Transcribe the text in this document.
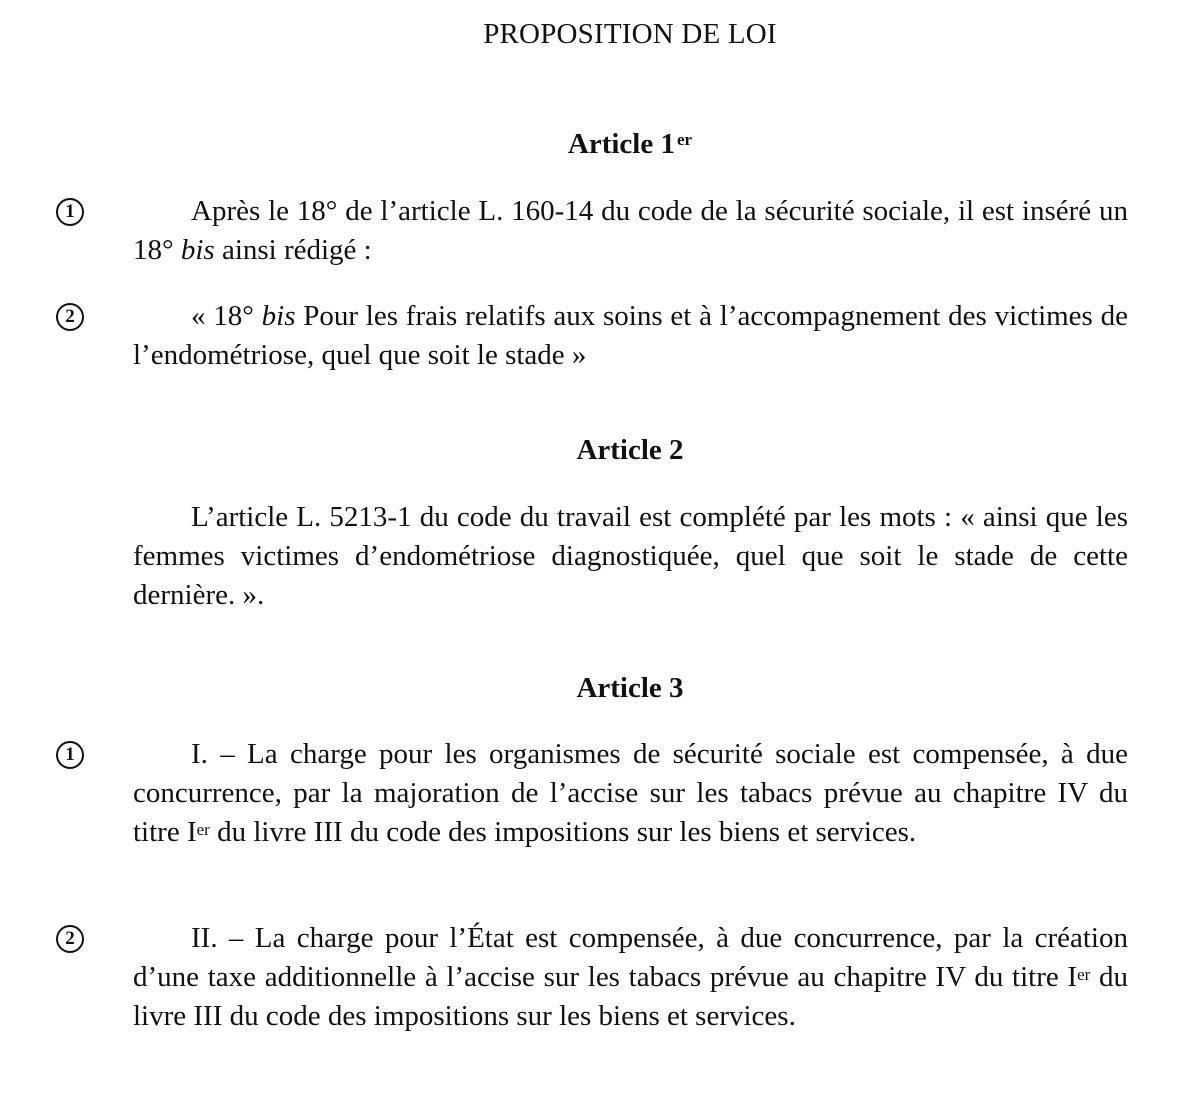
PROPOSITION DE LOI
Article 1 $^{er}$
1	Après le 18° de l’article L. 160-14 du code de la sécurité sociale, il est inséré un 18° bis ainsi rédigé :

2	« 18° bis Pour les frais relatifs aux soins et à l’accompagnement des victimes de l’endométriose, quel que soit le stade »

Article 2

L’article L. 5213-1 du code du travail est complété par les mots : « ainsi que les femmes victimes d’endométriose diagnostiquée, quel que soit le stade de cette dernière. ».

Article 3
1	I. – La charge pour les organismes de sécurité sociale est compensée, à due concurrence, par la majoration de l’accise sur les tabacs prévue au chapitre IV du titre Ier du livre III du code des impositions sur les biens et services.

2	II. – La charge pour l’État est compensée, à due concurrence, par la création d’une taxe additionnelle à l’accise sur les tabacs prévue au chapitre IV du titre Ier du livre III du code des impositions sur les biens et services.
